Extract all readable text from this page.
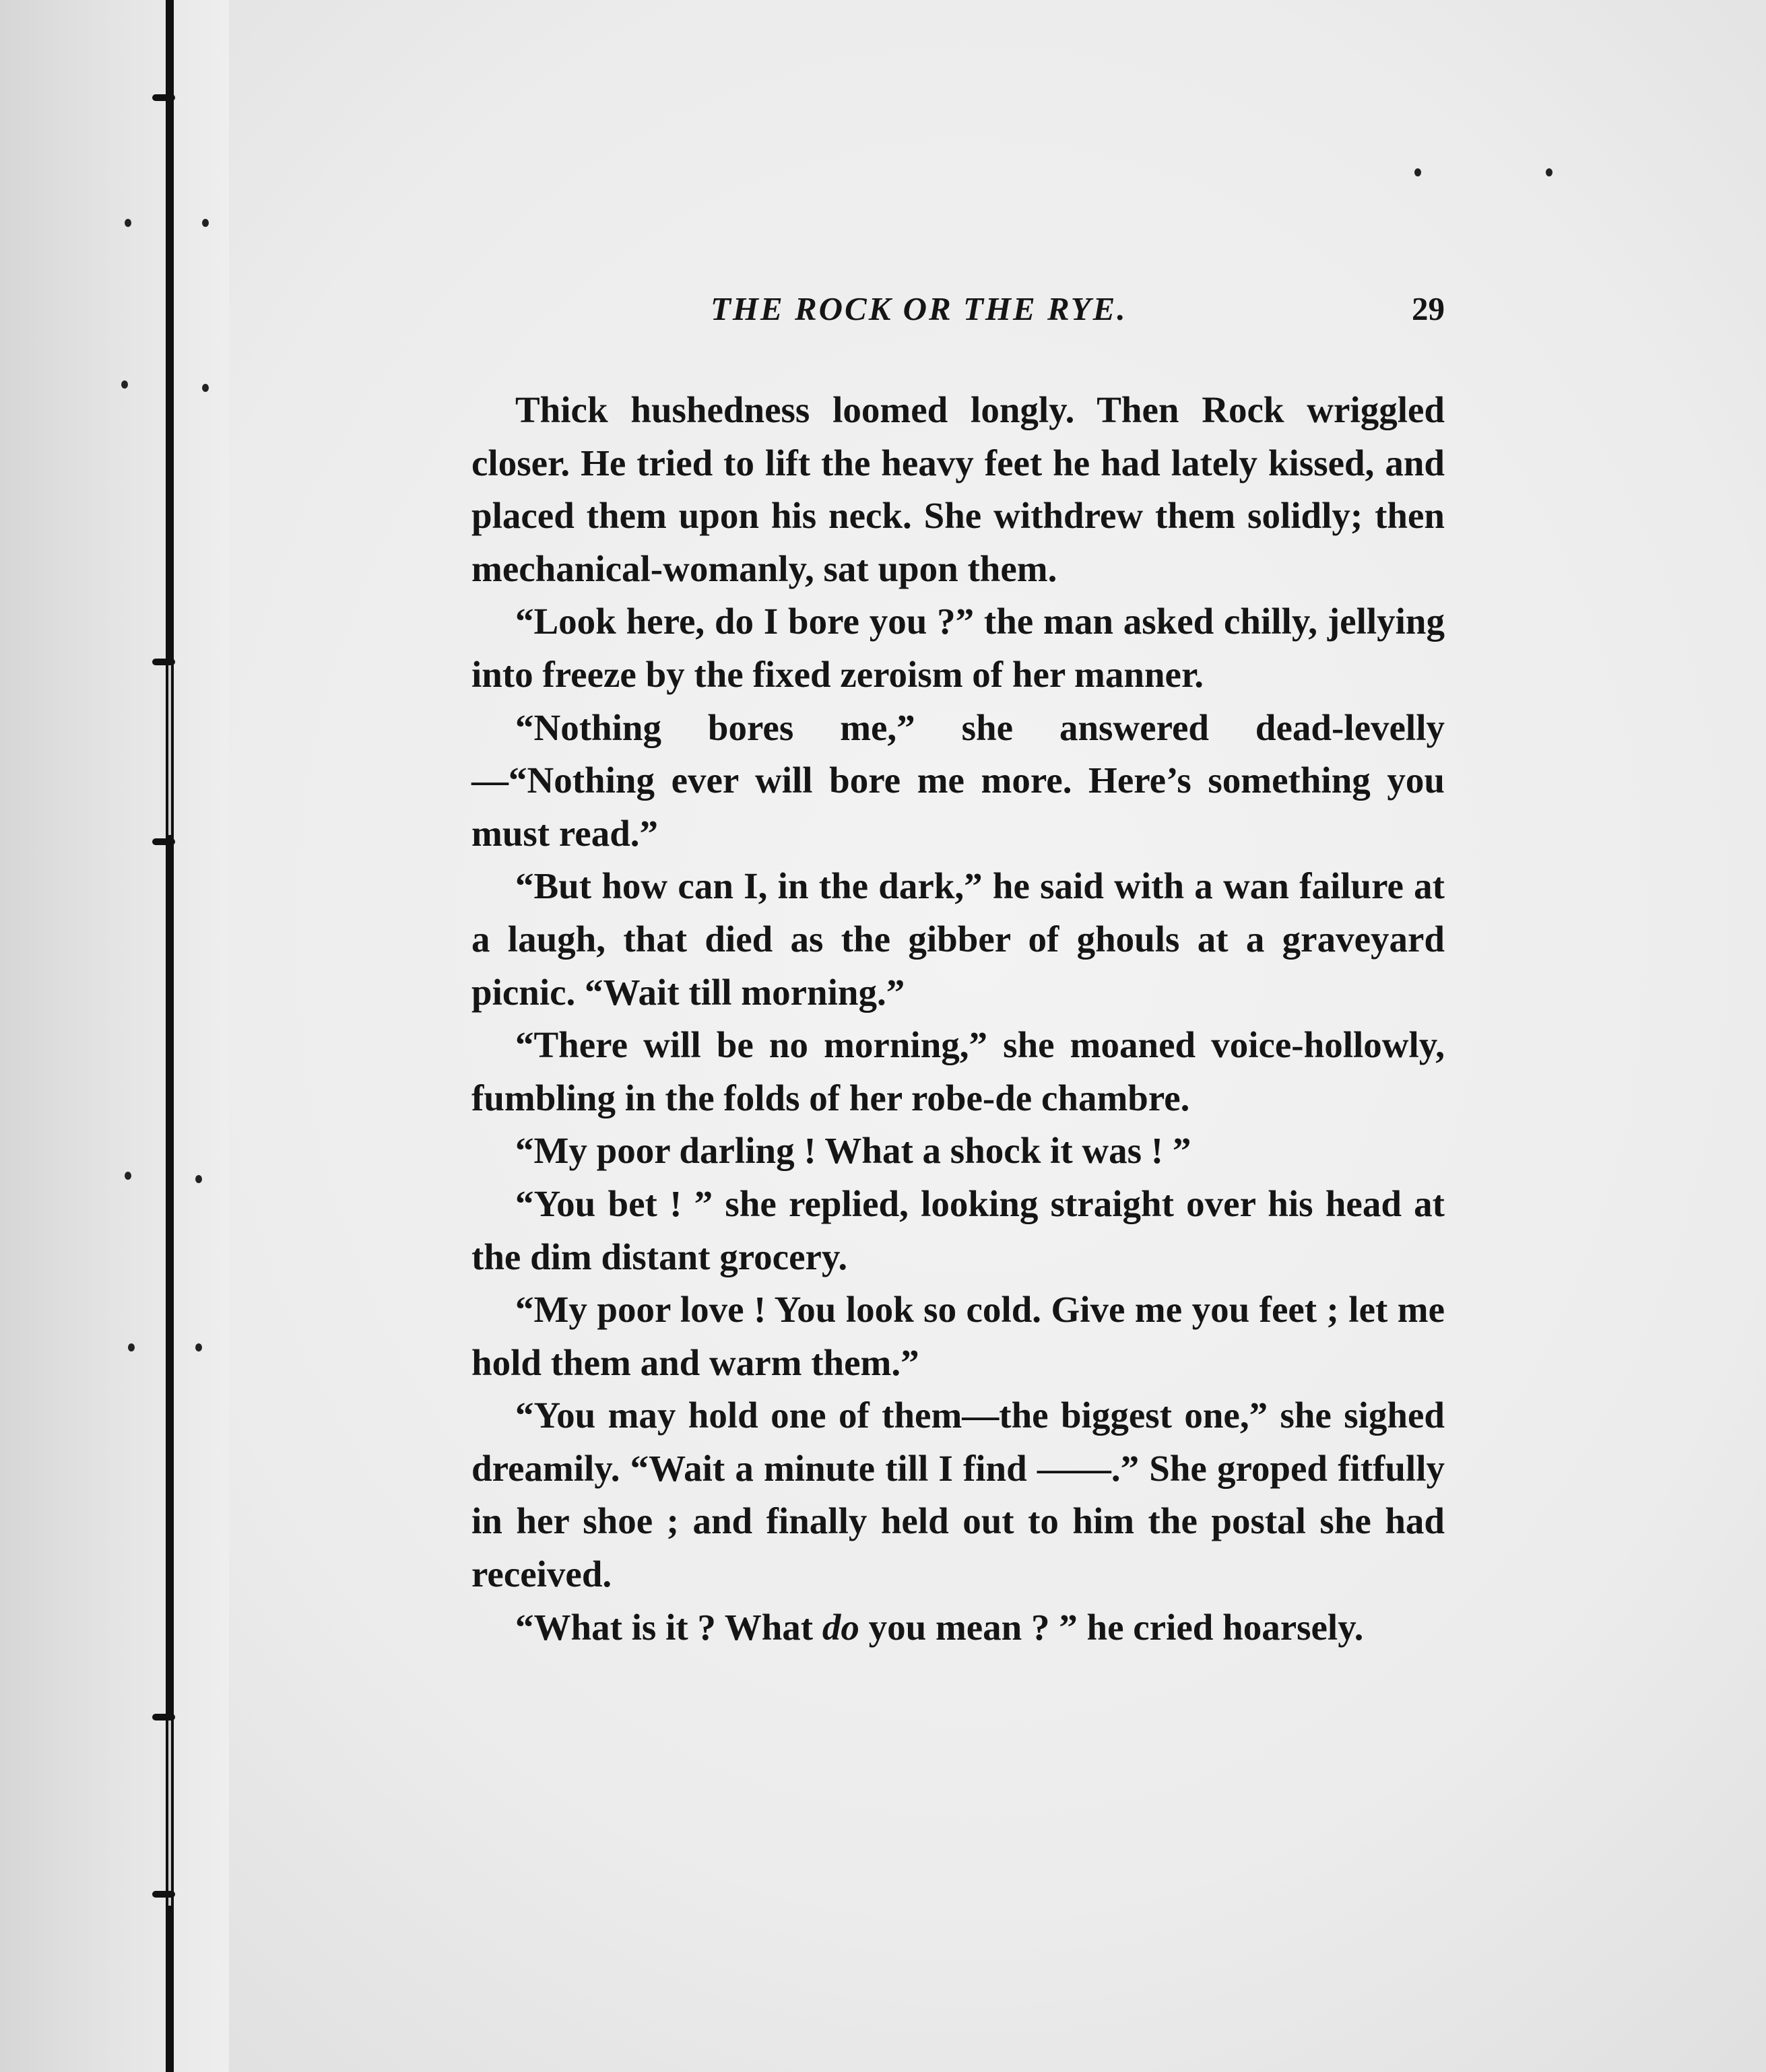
THE ROCK OR THE RYE.	29

Thick hushedness loomed longly. Then Rock wriggled closer. He tried to lift the heavy feet he had lately kissed, and placed them upon his neck. She withdrew them solidly; then mechanical-womanly, sat upon them.

“Look here, do I bore you ?” the man asked chilly, jellying into freeze by the fixed zeroism of her manner.

“Nothing bores me,” she answered dead-levelly —“Nothing ever will bore me more. Here’s something you must read.”

“But how can I, in the dark,” he said with a wan failure at a laugh, that died as the gibber of ghouls at a graveyard picnic. “Wait till morning.”

“There will be no morning,” she moaned voice-hollowly, fumbling in the folds of her robe-de chambre.

“My poor darling ! What a shock it was ! ”

“You bet ! ” she replied, looking straight over his head at the dim distant grocery.

“My poor love ! You look so cold. Give me you feet ; let me hold them and warm them.”

“You may hold one of them—the biggest one,” she sighed dreamily. “Wait a minute till I find ——.” She groped fitfully in her shoe ; and finally held out to him the postal she had received.

“What is it ? What do you mean ? ” he cried hoarsely.
